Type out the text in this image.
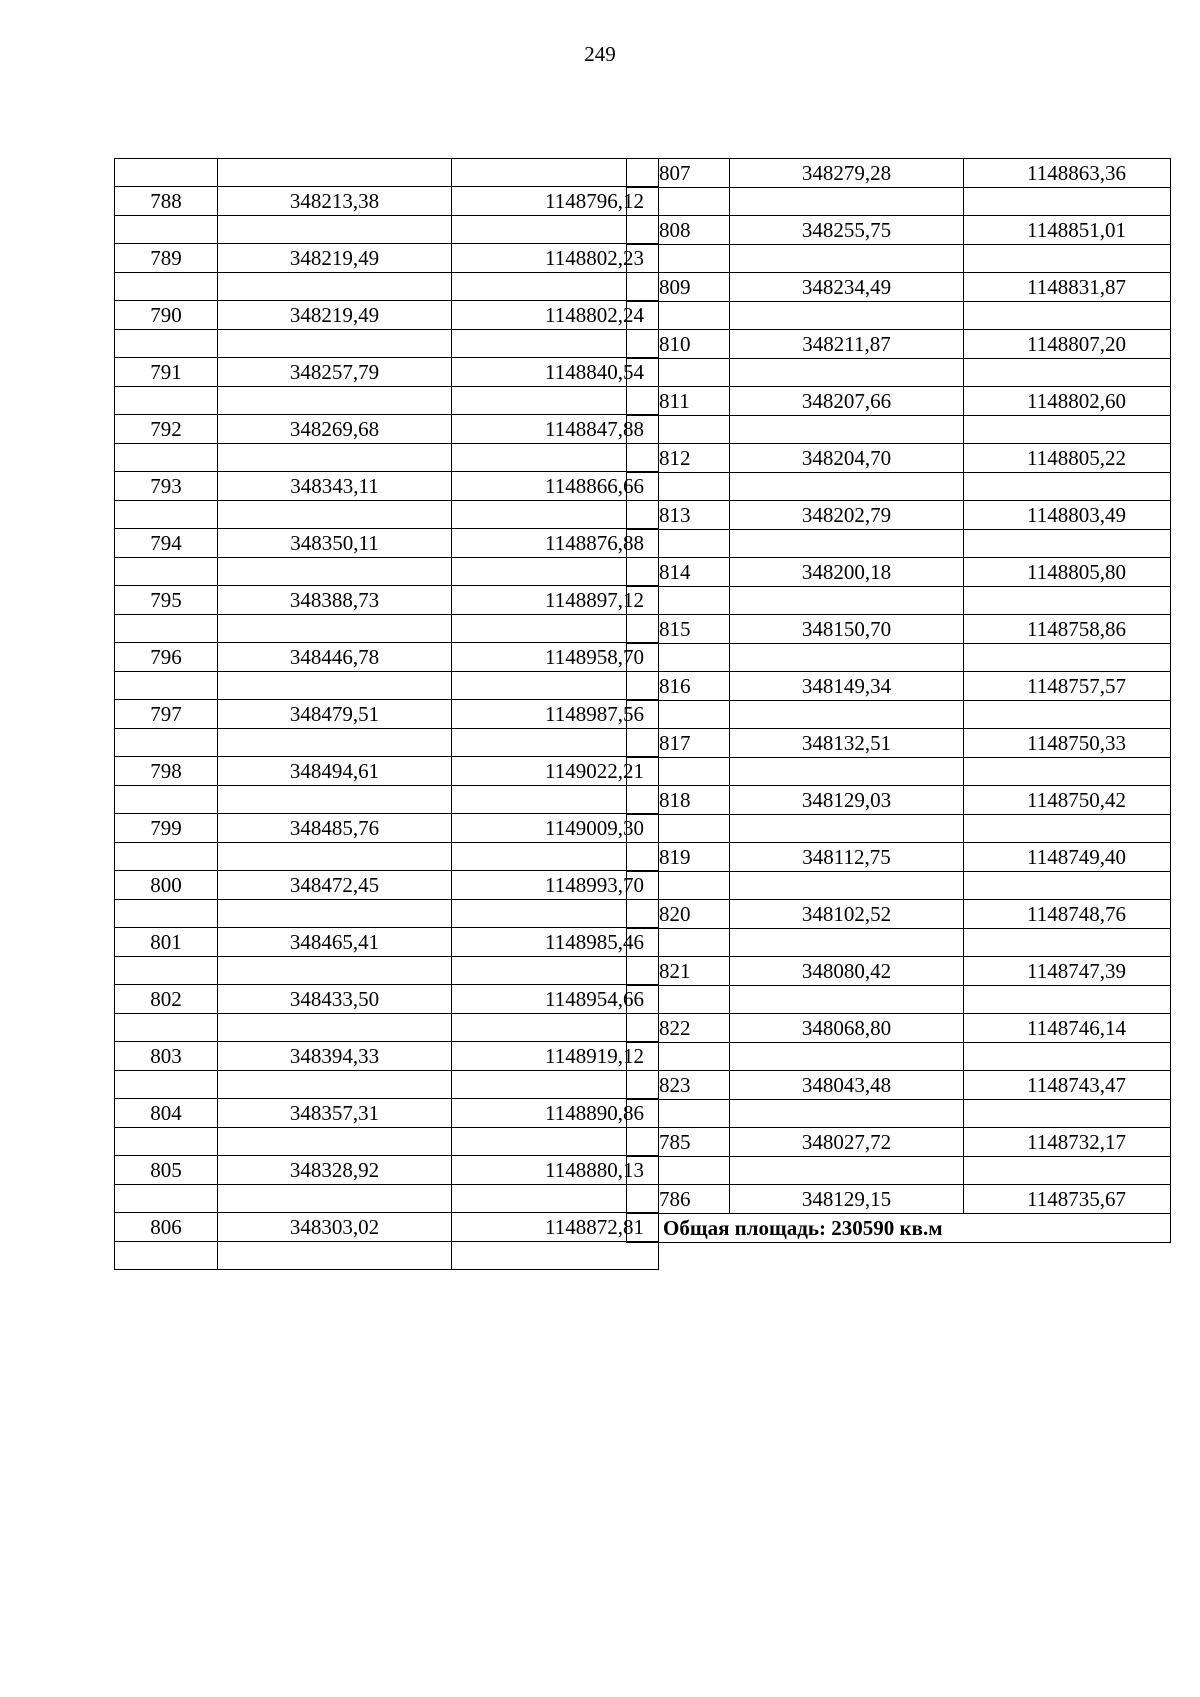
249

788	348213,38	1148796,12

789	348219,49	1148802,23

790	348219,49	1148802,24

791	348257,79	1148840,54

792	348269,68	1148847,88

793	348343,11	1148866,66

794	348350,11	1148876,88

795	348388,73	1148897,12

796	348446,78	1148958,70

797	348479,51	1148987,56

798	348494,61	1149022,21

799	348485,76	1149009,30

800	348472,45	1148993,70

801	348465,41	1148985,46

802	348433,50	1148954,66

803	348394,33	1148919,12

804	348357,31	1148890,86

805	348328,92	1148880,13

806	348303,02	1148872,81

807	348279,28	1148863,36

808	348255,75	1148851,01

809	348234,49	1148831,87

810	348211,87	1148807,20

811	348207,66	1148802,60

812	348204,70	1148805,22

813	348202,79	1148803,49

814	348200,18	1148805,80

815	348150,70	1148758,86

816	348149,34	1148757,57

817	348132,51	1148750,33

818	348129,03	1148750,42

819	348112,75	1148749,40

820	348102,52	1148748,76

821	348080,42	1148747,39

822	348068,80	1148746,14

823	348043,48	1148743,47

785	348027,72	1148732,17

786	348129,15	1148735,67
Общая площадь: 230590 кв.м		
